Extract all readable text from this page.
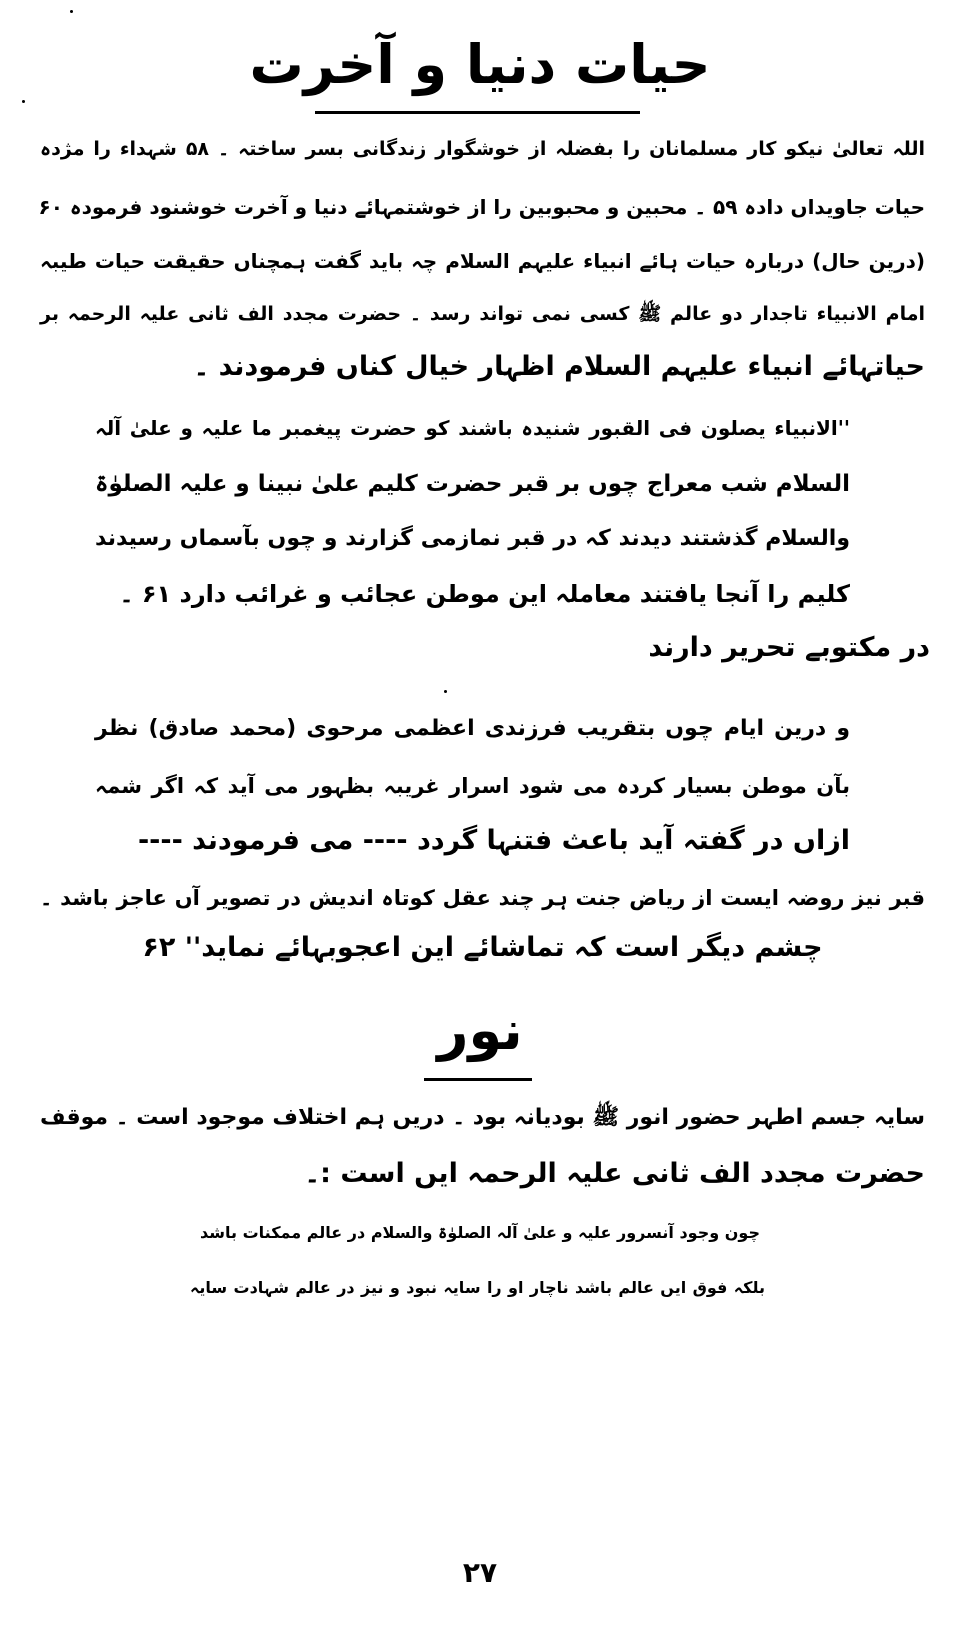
حیات دنیا و آخرت
اللہ تعالیٰ نیکو کار مسلمانان را بفضلہ از خوشگوار زندگانی بسر ساختہ ۔ ۵۸ شہداء را مژدہ
حیات جاویداں دادہ ۵۹ ۔ محبین و محبوبین را از خوشتمہائے دنیا و آخرت خوشنود فرمودہ ۶۰
(درین حال) دربارہ حیات ہائے انبیاء علیہم السلام چہ باید گفت ہمچناں حقیقت حیات طیبہ
امام الانبیاء تاجدار دو عالم ﷺ کسی نمی تواند رسد ۔ حضرت مجدد الف ثانی علیہ الرحمہ بر
حیاتہائے انبیاء علیہم السلام اظہار خیال کناں فرمودند ۔
''الانبیاء یصلون فی القبور شنیدہ باشند کو حضرت پیغمبر ما علیہ و علیٰ آلہ
السلام شب معراج چوں بر قبر حضرت کلیم علیٰ نبینا و علیہ الصلوٰۃ
والسلام گذشتند دیدند کہ در قبر نمازمی گزارند و چوں بآسماں رسیدند
کلیم را آنجا یافتند معاملہ این موطن عجائب و غرائب دارد ۶۱ ۔
در مکتوبے تحریر دارند
و درین ایام چوں بتقریب فرزندی اعظمی مرحوی (محمد صادق) نظر
بآن موطن بسیار کردہ می شود اسرار غریبہ بظہور می آید کہ اگر شمہ
ازاں در گفتہ آید باعث فتنہا گردد ---- می فرمودند ----
قبر نیز روضہ ایست از ریاض جنت ہر چند عقل کوتاہ اندیش در تصویر آں عاجز باشد ۔
چشم دیگر است کہ تماشائے این اعجوبہائے نماید'' ۶۲
نور
سایہ جسم اطہر حضور انور ﷺ بودیانہ بود ۔ دریں ہم اختلاف موجود است ۔ موقف
حضرت مجدد الف ثانی علیہ الرحمہ ایں است :۔
چون وجود آنسرور علیہ و علیٰ آلہ الصلوٰۃ والسلام در عالم ممکنات باشد
بلکہ فوق ایں عالم باشد ناچار او را سایہ نبود و نیز در عالم شہادت سایہ
۲۷
